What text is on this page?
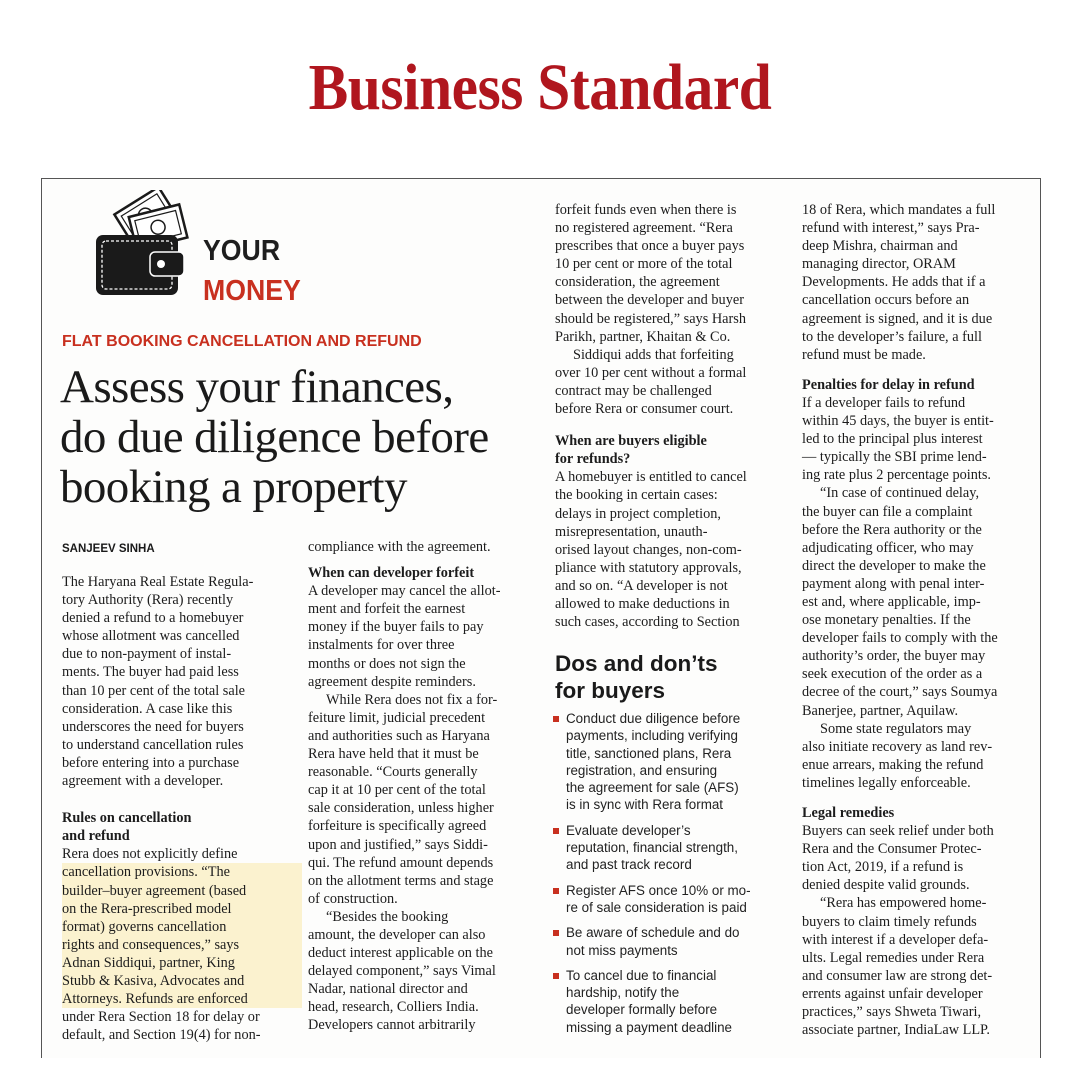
Business Standard
YOUR
MONEY
FLAT BOOKING CANCELLATION AND REFUND
Assess your finances,
do due diligence before
booking a property
SANJEEV SINHA
The Haryana Real Estate Regula-
tory Authority (Rera) recently
denied a refund to a homebuyer
whose allotment was cancelled
due to non-payment of instal-
ments. The buyer had paid less
than 10 per cent of the total sale
consideration. A case like this
underscores the need for buyers
to understand cancellation rules
before entering into a purchase
agreement with a developer.
Rules on cancellation
and refund
Rera does not explicitly define
cancellation provisions. “The
builder–buyer agreement (based
on the Rera-prescribed model
format) governs cancellation
rights and consequences,” says
Adnan Siddiqui, partner, King
Stubb & Kasiva, Advocates and
Attorneys. Refunds are enforced
under Rera Section 18 for delay or
default, and Section 19(4) for non-
compliance with the agreement.
When can developer forfeit
A developer may cancel the allot-
ment and forfeit the earnest
money if the buyer fails to pay
instalments for over three
months or does not sign the
agreement despite reminders.
While Rera does not fix a for-
feiture limit, judicial precedent
and authorities such as Haryana
Rera have held that it must be
reasonable. “Courts generally
cap it at 10 per cent of the total
sale consideration, unless higher
forfeiture is specifically agreed
upon and justified,” says Siddi-
qui. The refund amount depends
on the allotment terms and stage
of construction.
“Besides the booking
amount, the developer can also
deduct interest applicable on the
delayed component,” says Vimal
Nadar, national director and
head, research, Colliers India.
Developers cannot arbitrarily
forfeit funds even when there is
no registered agreement. “Rera
prescribes that once a buyer pays
10 per cent or more of the total
consideration, the agreement
between the developer and buyer
should be registered,” says Harsh
Parikh, partner, Khaitan & Co.
Siddiqui adds that forfeiting
over 10 per cent without a formal
contract may be challenged
before Rera or consumer court.
When are buyers eligible
for refunds?
A homebuyer is entitled to cancel
the booking in certain cases:
delays in project completion,
misrepresentation, unauth-
orised layout changes, non-com-
pliance with statutory approvals,
and so on. “A developer is not
allowed to make deductions in
such cases, according to Section
18 of Rera, which mandates a full
refund with interest,” says Pra-
deep Mishra, chairman and
managing director, ORAM
Developments. He adds that if a
cancellation occurs before an
agreement is signed, and it is due
to the developer’s failure, a full
refund must be made.
Penalties for delay in refund
If a developer fails to refund
within 45 days, the buyer is entit-
led to the principal plus interest
— typically the SBI prime lend-
ing rate plus 2 percentage points.
“In case of continued delay,
the buyer can file a complaint
before the Rera authority or the
adjudicating officer, who may
direct the developer to make the
payment along with penal inter-
est and, where applicable, imp-
ose monetary penalties. If the
developer fails to comply with the
authority’s order, the buyer may
seek execution of the order as a
decree of the court,” says Soumya
Banerjee, partner, Aquilaw.
Some state regulators may
also initiate recovery as land rev-
enue arrears, making the refund
timelines legally enforceable.
Legal remedies
Buyers can seek relief under both
Rera and the Consumer Protec-
tion Act, 2019, if a refund is
denied despite valid grounds.
“Rera has empowered home-
buyers to claim timely refunds
with interest if a developer defa-
ults. Legal remedies under Rera
and consumer law are strong det-
errents against unfair developer
practices,” says Shweta Tiwari,
associate partner, IndiaLaw LLP.
Dos and don’ts
for buyers
Conduct due diligence before
payments, including verifying
title, sanctioned plans, Rera
registration, and ensuring
the agreement for sale (AFS)
is in sync with Rera format
Evaluate developer’s
reputation, financial strength,
and past track record
Register AFS once 10% or mo-
re of sale consideration is paid
Be aware of schedule and do
not miss payments
To cancel due to financial
hardship, notify the
developer formally before
missing a payment deadline
